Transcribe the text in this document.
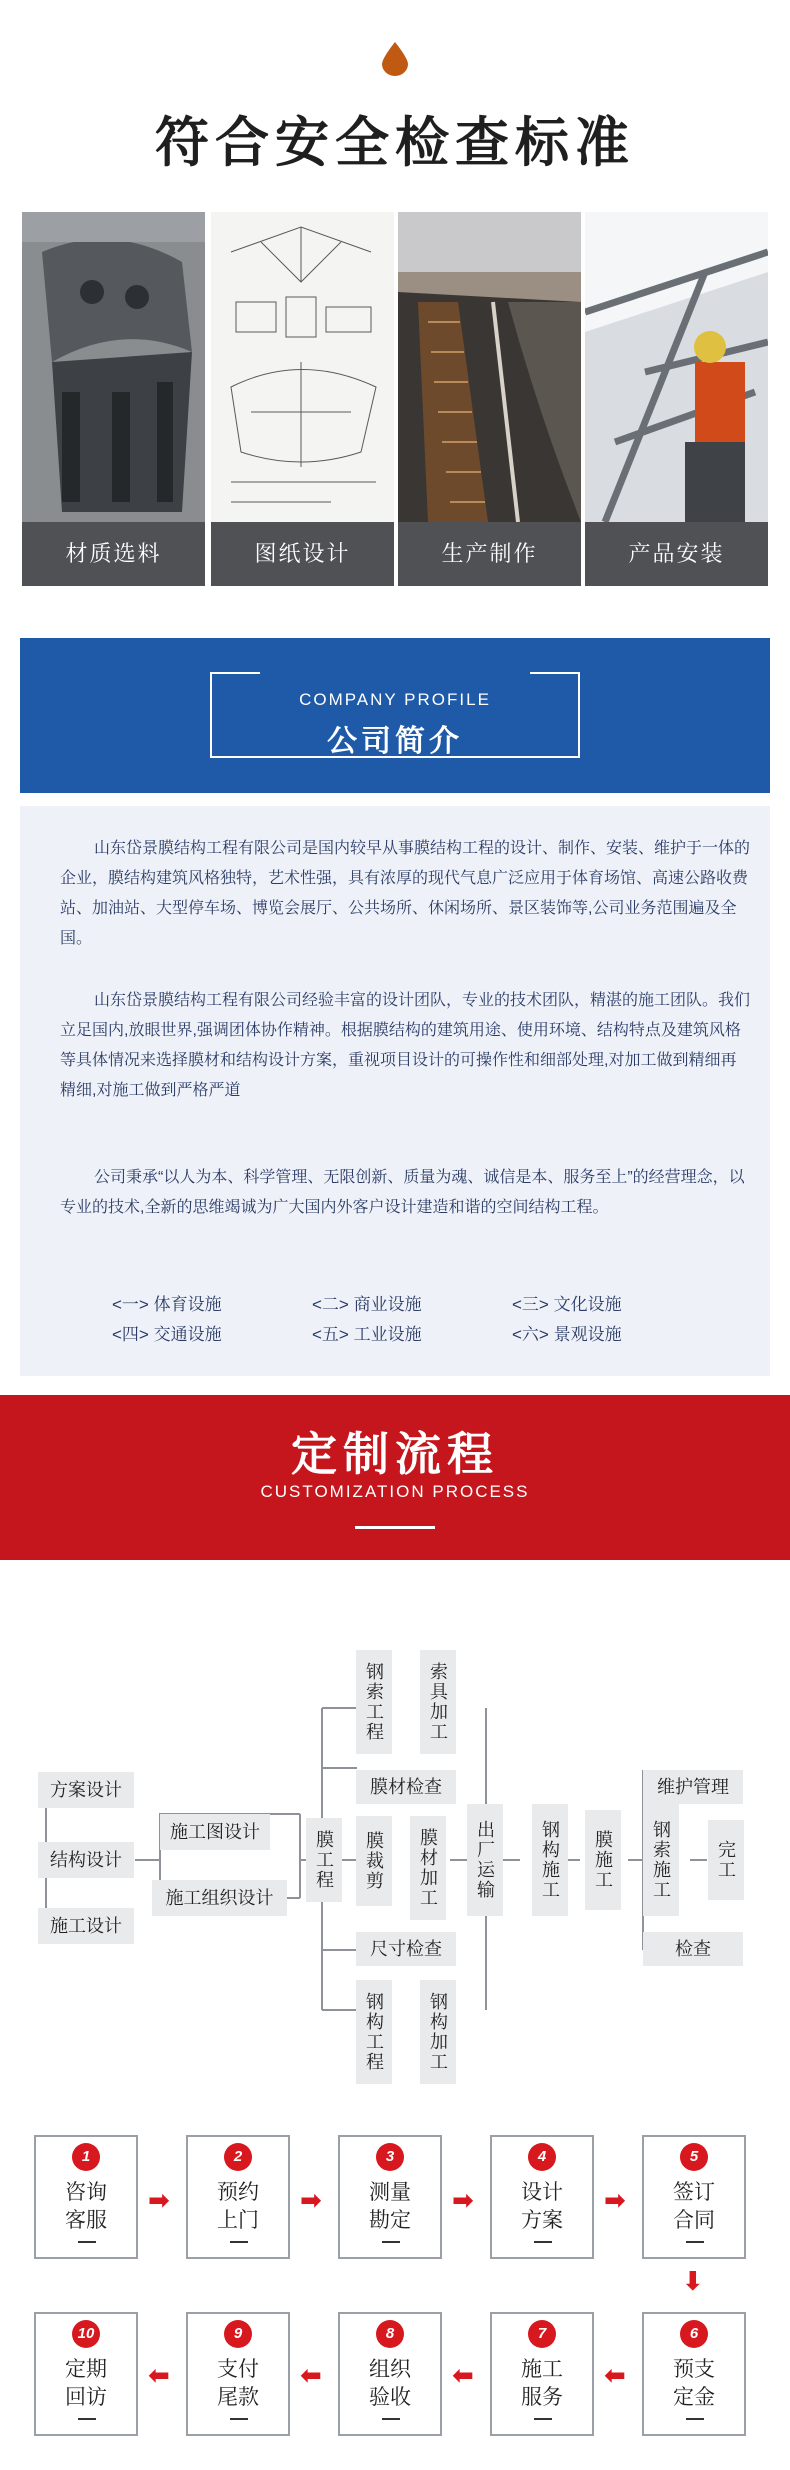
符合安全检查标准
材质选料	图纸设计	生产制作	产品安装
COMPANY PROFILE
公司简介
山东岱景膜结构工程有限公司是国内较早从事膜结构工程的设计、制作、安装、维护于一体的企业，膜结构建筑风格独特，艺术性强，具有浓厚的现代气息广泛应用于体育场馆、高速公路收费站、加油站、大型停车场、博览会展厅、公共场所、休闲场所、景区装饰等,公司业务范围遍及全国。
山东岱景膜结构工程有限公司经验丰富的设计团队，专业的技术团队，精湛的施工团队。我们立足国内,放眼世界,强调团体协作精神。根据膜结构的建筑用途、使用环境、结构特点及建筑风格等具体情况来选择膜材和结构设计方案，重视项目设计的可操作性和细部处理,对加工做到精细再精细,对施工做到严格严道
公司秉承“以人为本、科学管理、无限创新、质量为魂、诚信是本、服务至上”的经营理念，以专业的技术,全新的思维竭诚为广大国内外客户设计建造和谐的空间结构工程。
<一> 体育设施	<二> 商业设施	<三> 文化设施
<四> 交通设施	<五> 工业设施	<六> 景观设施
定制流程
CUSTOMIZATION PROCESS
方案设计
结构设计
施工设计
施工图设计
施工组织设计
膜工程
钢索工程 索具加工
膜材检查
膜裁剪 膜材加工
尺寸检查
钢构工程 钢构加工
出厂运输	钢构施工 膜施工
维护管理
钢索施工
检查
完工
1
咨询
客服
➡
2
预约
上门
➡
3
测量
勘定
➡
4
设计
方案
➡
5
签订
合同
⬇
6
预支
定金
⬅
7
施工
服务
⬅
8
组织
验收
⬅
9
支付
尾款
⬅
10
定期
回访
